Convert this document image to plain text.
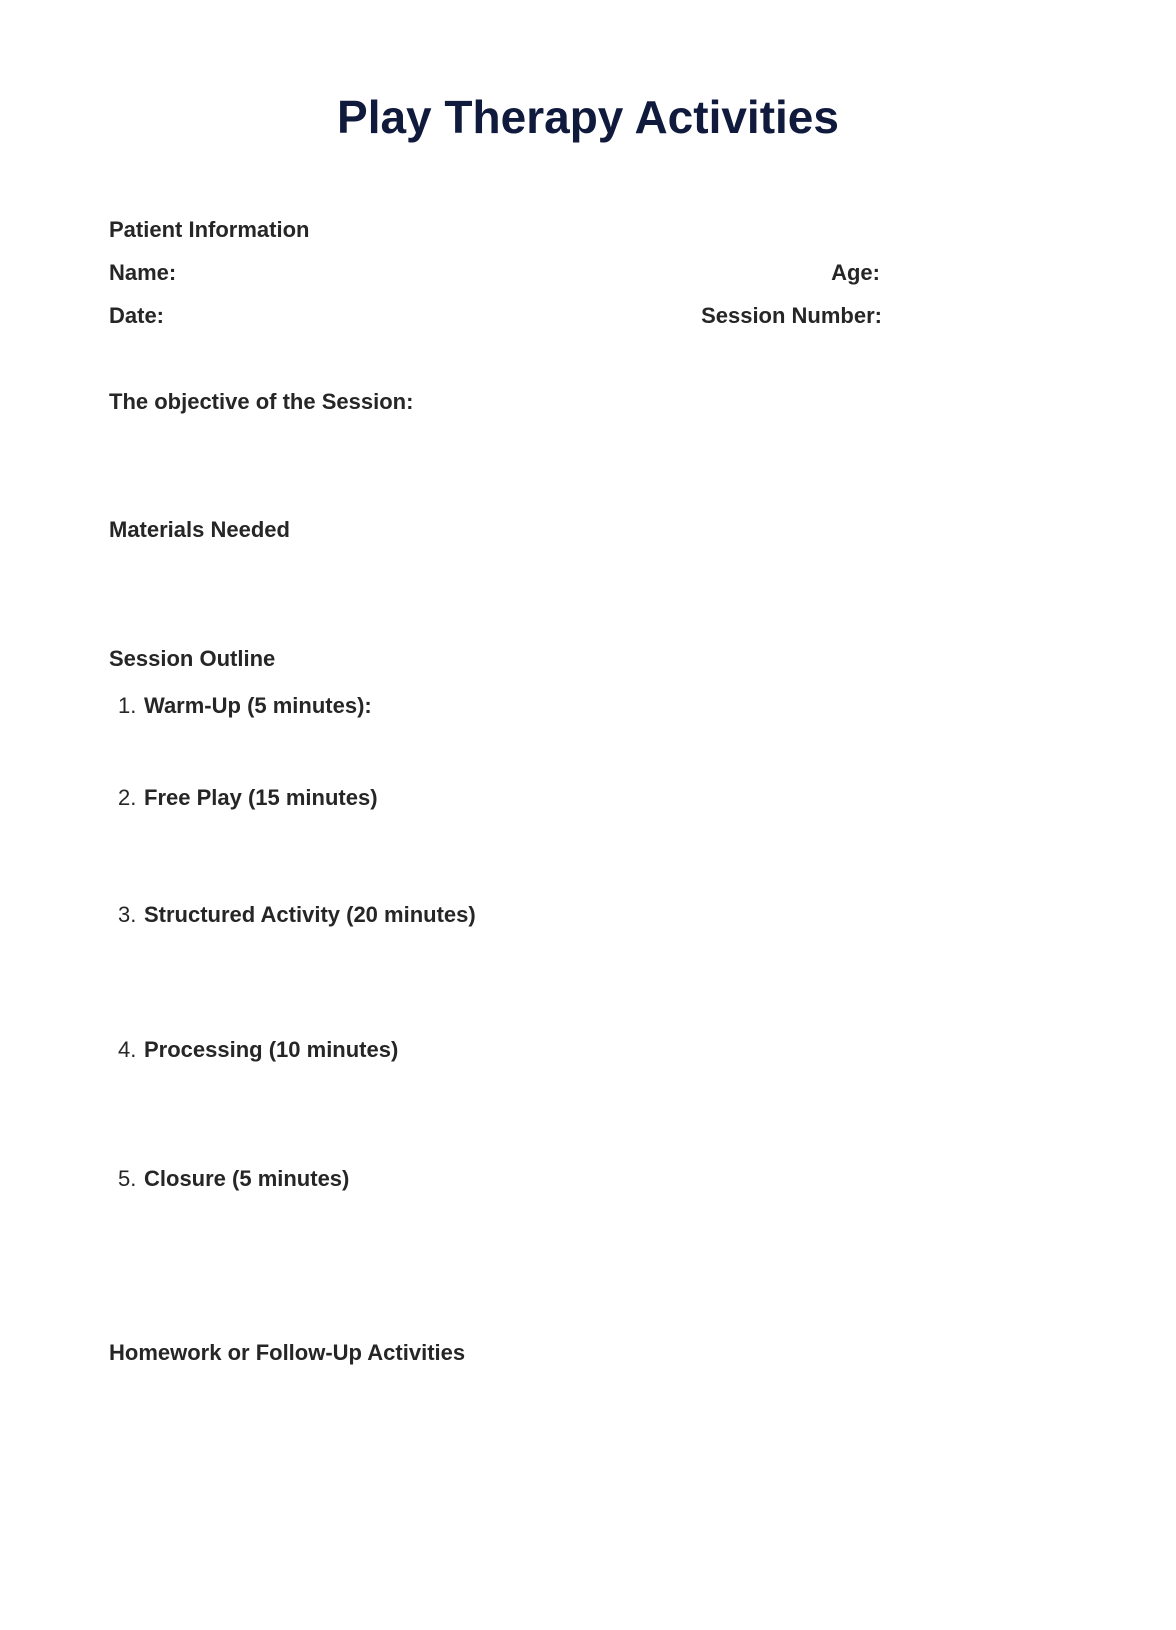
Play Therapy Activities
Patient Information
Name:	Age:
Date:	Session Number:
The objective of the Session:
Materials Needed
Session Outline
1. Warm-Up (5 minutes):
2. Free Play (15 minutes)
3. Structured Activity (20 minutes)
4. Processing (10 minutes)
5. Closure (5 minutes)
Homework or Follow-Up Activities
